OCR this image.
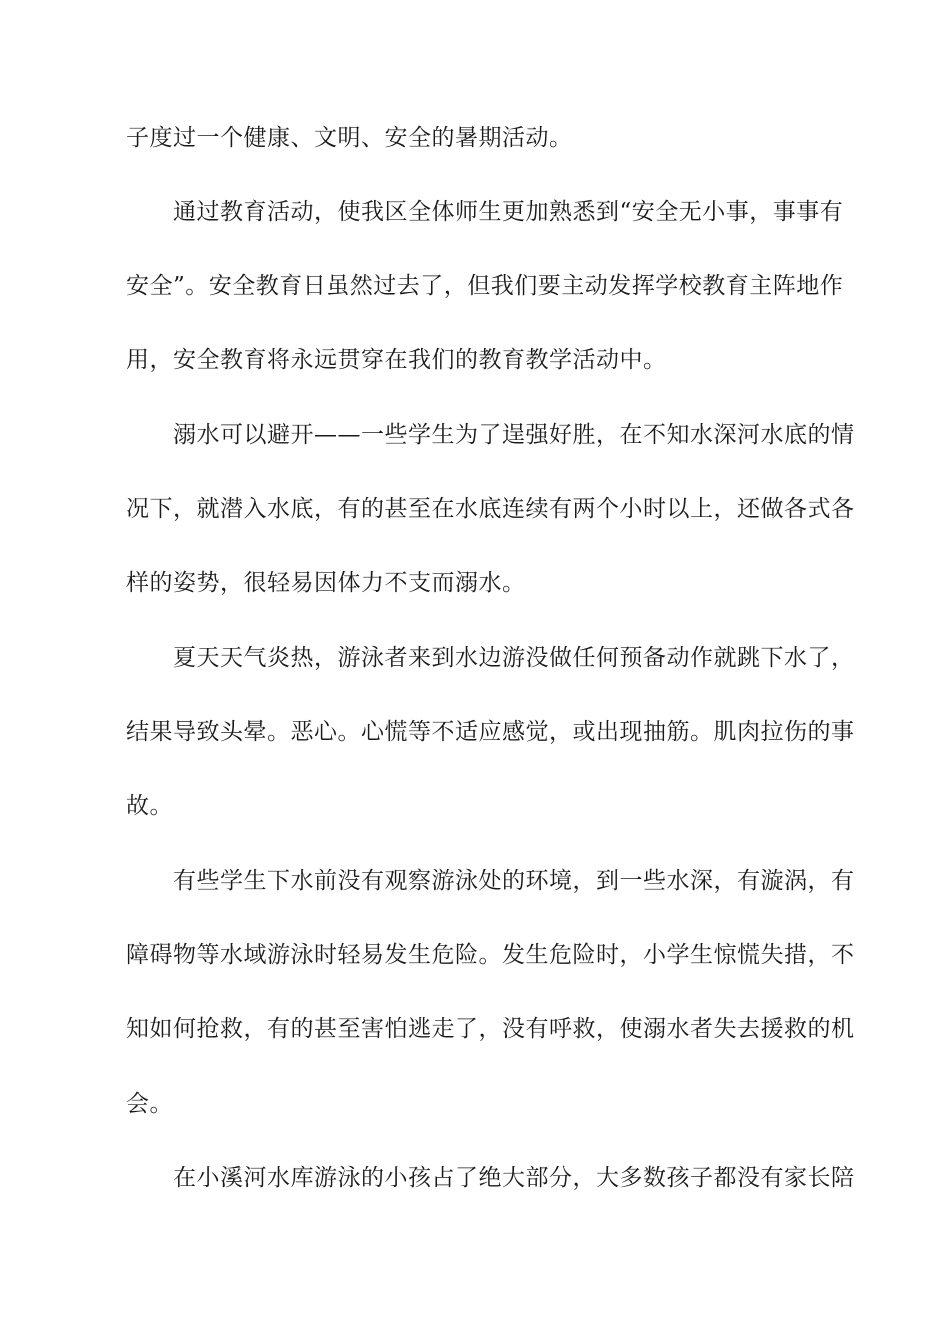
子度过一个健康、文明、安全的暑期活动。

通过教育活动，使我区全体师生更加熟悉到“安全无小事，事事有

安全”。安全教育日虽然过去了，但我们要主动发挥学校教育主阵地作

用，安全教育将永远贯穿在我们的教育教学活动中。

溺水可以避开——一些学生为了逞强好胜，在不知水深河水底的情

况下，就潜入水底，有的甚至在水底连续有两个小时以上，还做各式各

样的姿势，很轻易因体力不支而溺水。

夏天天气炎热，游泳者来到水边游没做任何预备动作就跳下水了，

结果导致头晕。恶心。心慌等不适应感觉，或出现抽筋。肌肉拉伤的事

故。

有些学生下水前没有观察游泳处的环境，到一些水深，有漩涡，有

障碍物等水域游泳时轻易发生危险。发生危险时，小学生惊慌失措，不

知如何抢救，有的甚至害怕逃走了，没有呼救，使溺水者失去援救的机

会。

在小溪河水库游泳的小孩占了绝大部分，大多数孩子都没有家长陪
